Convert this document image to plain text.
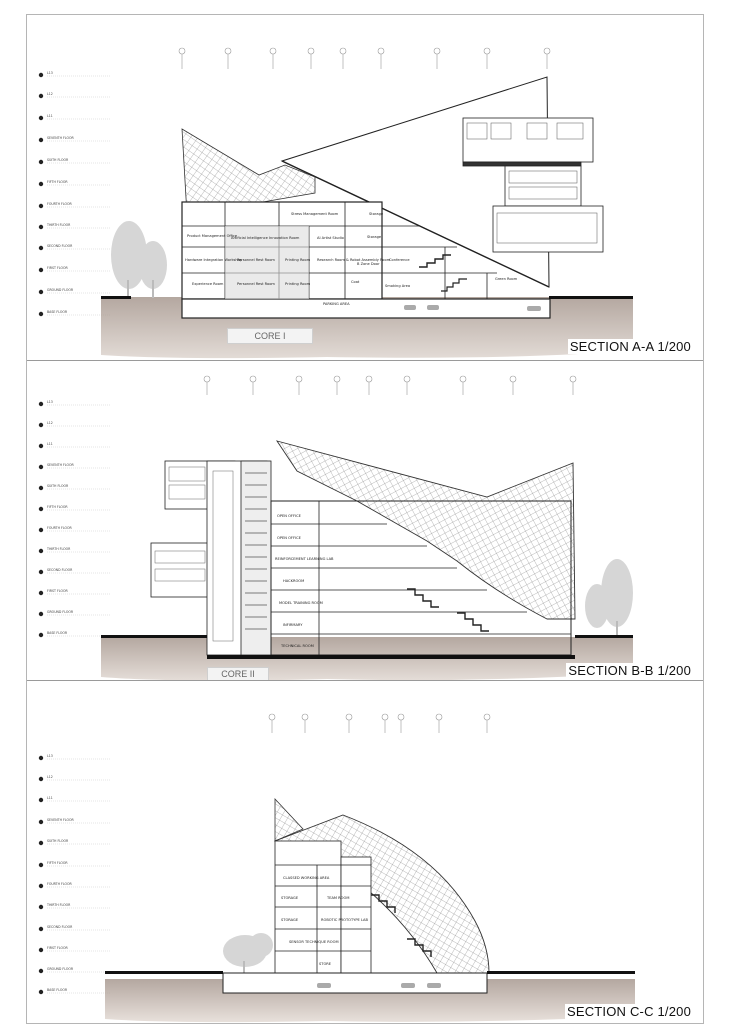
L13
L12
L11
SEVENTH FLOOR
SIXTH FLOOR
FIFTH FLOOR
FOURTH FLOOR
THIRTH FLOOR
SECOND FLOOR
FIRST FLOOR
GROUND FLOOR
BASE FLOOR
Stress Management Room	Storage
Product Management Office
Artificial Intelligence Innovation Room	AI Artist Studio	Storage
Hardware Integration Workshop
Personnel Rest Room	Printing Room Research Room & Robot Assembly Room
B Zone Door
Conference
Experience Room	Personnel Rest Room	Printing Room	Coat
Smoking Area
Green Room
PARKING AREA
CORE I
SECTION A-A 1/200
L13
L12
L11
SEVENTH FLOOR
SIXTH FLOOR
FIFTH FLOOR
FOURTH FLOOR
THIRTH FLOOR
SECOND FLOOR
FIRST FLOOR
GROUND FLOOR
BASE FLOOR
OPEN OFFICE
OPEN OFFICE
REINFORCEMENT LEARNING LAB
HACKROOM
MODEL TRAINING ROOM
INFIRMARY
TECHNICAL ROOM
CORE II	SECTION B-B 1/200
L13
L12
L11
SEVENTH FLOOR
SIXTH FLOOR
FIFTH FLOOR
FOURTH FLOOR
THIRTH FLOOR
SECOND FLOOR
FIRST FLOOR
GROUND FLOOR
BASE FLOOR
CLASSED WORKING AREA
STORAGE
STORAGE
TEAM ROOM
ROBOTIC PROTOTYPE LAB
SENSOR TECHNIQUE ROOM
STORE
SECTION C-C 1/200
